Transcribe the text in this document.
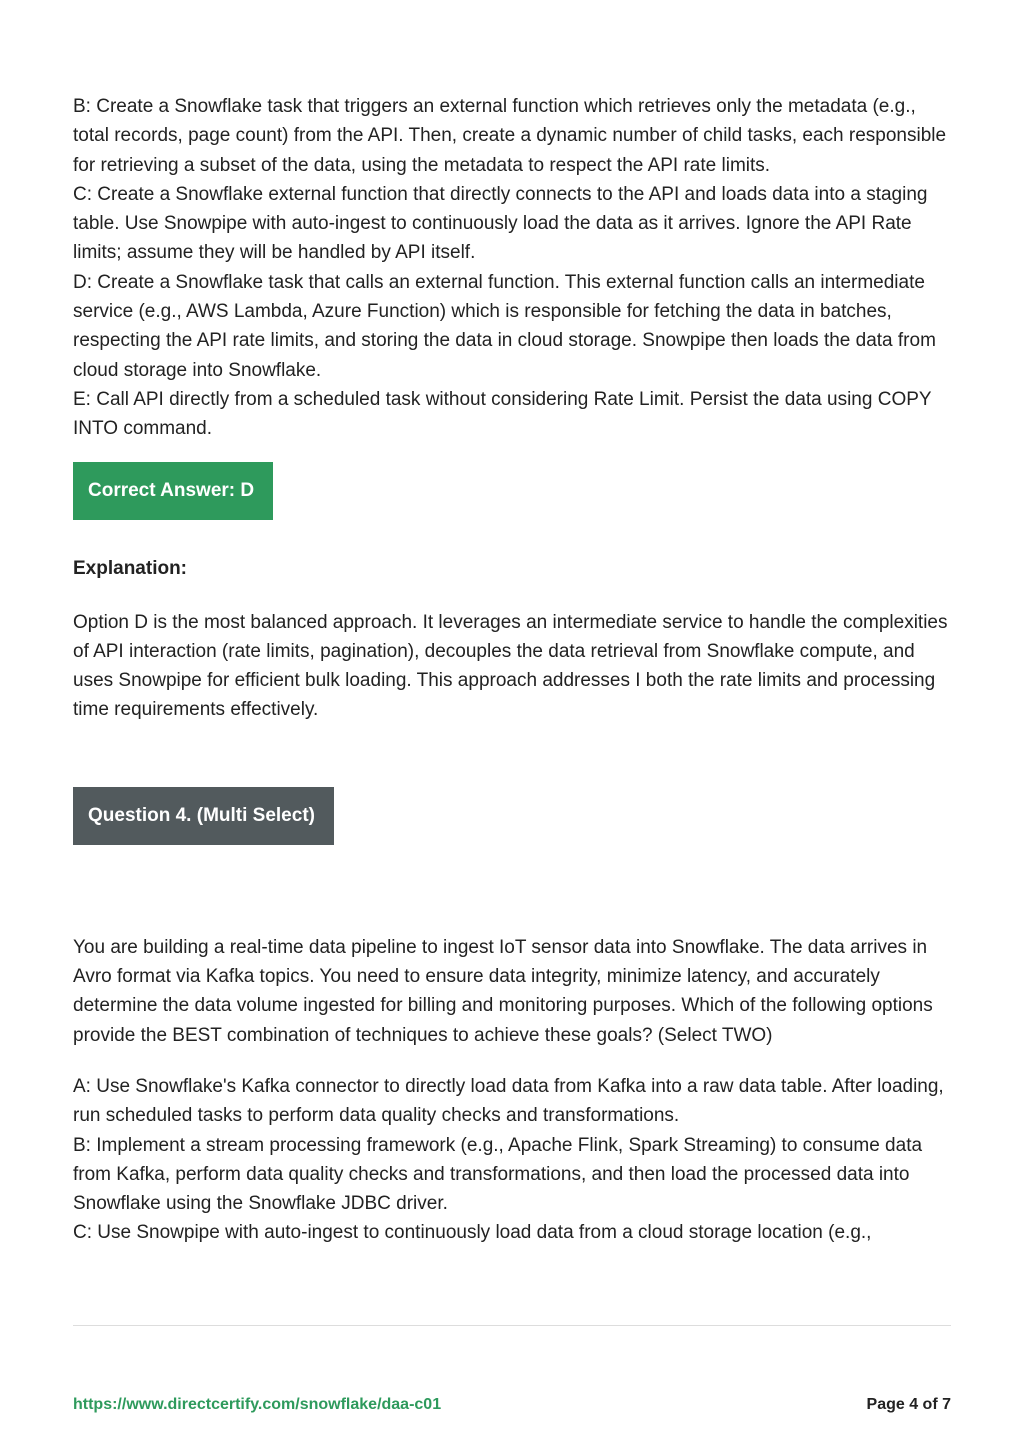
B: Create a Snowflake task that triggers an external function which retrieves only the metadata (e.g., total records, page count) from the API. Then, create a dynamic number of child tasks, each responsible for retrieving a subset of the data, using the metadata to respect the API rate limits.

C: Create a Snowflake external function that directly connects to the API and loads data into a staging table. Use Snowpipe with auto-ingest to continuously load the data as it arrives. Ignore the API Rate limits; assume they will be handled by API itself.

D: Create a Snowflake task that calls an external function. This external function calls an intermediate service (e.g., AWS Lambda, Azure Function) which is responsible for fetching the data in batches, respecting the API rate limits, and storing the data in cloud storage. Snowpipe then loads the data from cloud storage into Snowflake.

E: Call API directly from a scheduled task without considering Rate Limit. Persist the data using COPY INTO command.

Correct Answer: D
Explanation:

Option D is the most balanced approach. It leverages an intermediate service to handle the complexities of API interaction (rate limits, pagination), decouples the data retrieval from Snowflake compute, and uses Snowpipe for efficient bulk loading. This approach addresses I both the rate limits and processing time requirements effectively.

Question 4. (Multi Select)

You are building a real-time data pipeline to ingest IoT sensor data into Snowflake. The data arrives in Avro format via Kafka topics. You need to ensure data integrity, minimize latency, and accurately determine the data volume ingested for billing and monitoring purposes. Which of the following options provide the BEST combination of techniques to achieve these goals? (Select TWO)

A: Use Snowflake's Kafka connector to directly load data from Kafka into a raw data table. After loading, run scheduled tasks to perform data quality checks and transformations.

B: Implement a stream processing framework (e.g., Apache Flink, Spark Streaming) to consume data from Kafka, perform data quality checks and transformations, and then load the processed data into Snowflake using the Snowflake JDBC driver.

C: Use Snowpipe with auto-ingest to continuously load data from a cloud storage location (e.g.,

https://www.directcertify.com/snowflake/daa-c01	Page 4 of 7
